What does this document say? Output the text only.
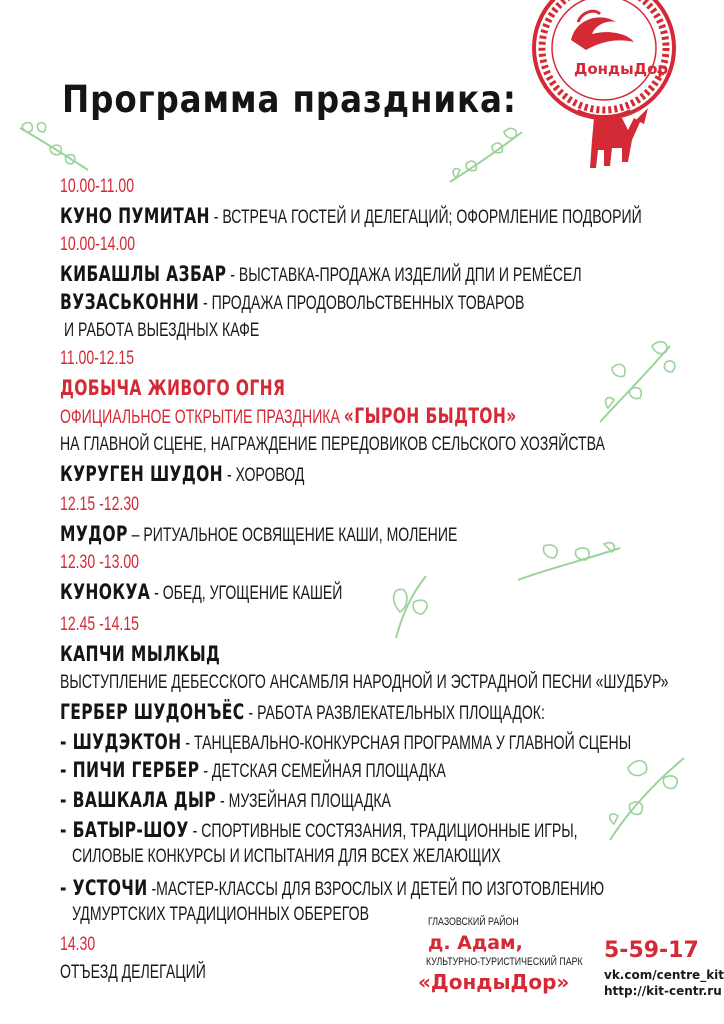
ДондыДор
Программа праздника:
10.00-11.00
КУНО ПУМИТАН - ВСТРЕЧА ГОСТЕЙ И ДЕЛЕГАЦИЙ; ОФОРМЛЕНИЕ ПОДВОРИЙ
10.00-14.00
КИБАШЛЫ АЗБАР - ВЫСТАВКА-ПРОДАЖА ИЗДЕЛИЙ ДПИ И РЕМЁСЕЛ
ВУЗАСЬКОННИ - ПРОДАЖА ПРОДОВОЛЬСТВЕННЫХ ТОВАРОВ
И РАБОТА ВЫЕЗДНЫХ КАФЕ
11.00-12.15
ДОБЫЧА ЖИВОГО ОГНЯ
ОФИЦИАЛЬНОЕ ОТКРЫТИЕ ПРАЗДНИКА «ГЫРОН БЫДТОН»
НА ГЛАВНОЙ СЦЕНЕ, НАГРАЖДЕНИЕ ПЕРЕДОВИКОВ СЕЛЬСКОГО ХОЗЯЙСТВА
КУРУГЕН ШУДОН - ХОРОВОД
12.15 -12.30
МУДОР – РИТУАЛЬНОЕ ОСВЯЩЕНИЕ КАШИ, МОЛЕНИЕ
12.30 -13.00
КУНОКУА - ОБЕД, УГОЩЕНИЕ КАШЕЙ
12.45 -14.15
КАПЧИ МЫЛКЫД
ВЫСТУПЛЕНИЕ ДЕБЕССКОГО АНСАМБЛЯ НАРОДНОЙ И ЭСТРАДНОЙ ПЕСНИ «ШУДБУР»
ГЕРБЕР ШУДОНЪЁС - РАБОТА РАЗВЛЕКАТЕЛЬНЫХ ПЛОЩАДОК:
- ШУДЭКТОН - ТАНЦЕВАЛЬНО-КОНКУРСНАЯ ПРОГРАММА У ГЛАВНОЙ СЦЕНЫ
- ПИЧИ ГЕРБЕР - ДЕТСКАЯ СЕМЕЙНАЯ ПЛОЩАДКА
- ВАШКАЛА ДЫР - МУЗЕЙНАЯ ПЛОЩАДКА
- БАТЫР-ШОУ - СПОРТИВНЫЕ СОСТЯЗАНИЯ, ТРАДИЦИОННЫЕ ИГРЫ,
СИЛОВЫЕ КОНКУРСЫ И ИСПЫТАНИЯ ДЛЯ ВСЕХ ЖЕЛАЮЩИХ
- УСТОЧИ -МАСТЕР-КЛАССЫ ДЛЯ ВЗРОСЛЫХ И ДЕТЕЙ ПО ИЗГОТОВЛЕНИЮ
УДМУРТСКИХ ТРАДИЦИОННЫХ ОБЕРЕГОВ
14.30
ОТЪЕЗД ДЕЛЕГАЦИЙ
ГЛАЗОВСКИЙ РАЙОН
д. Адам,
КУЛЬТУРНО-ТУРИСТИЧЕСКИЙ ПАРК
«ДондыДор»
5-59-17
vk.com/centre_kit
http://kit-centr.ru
